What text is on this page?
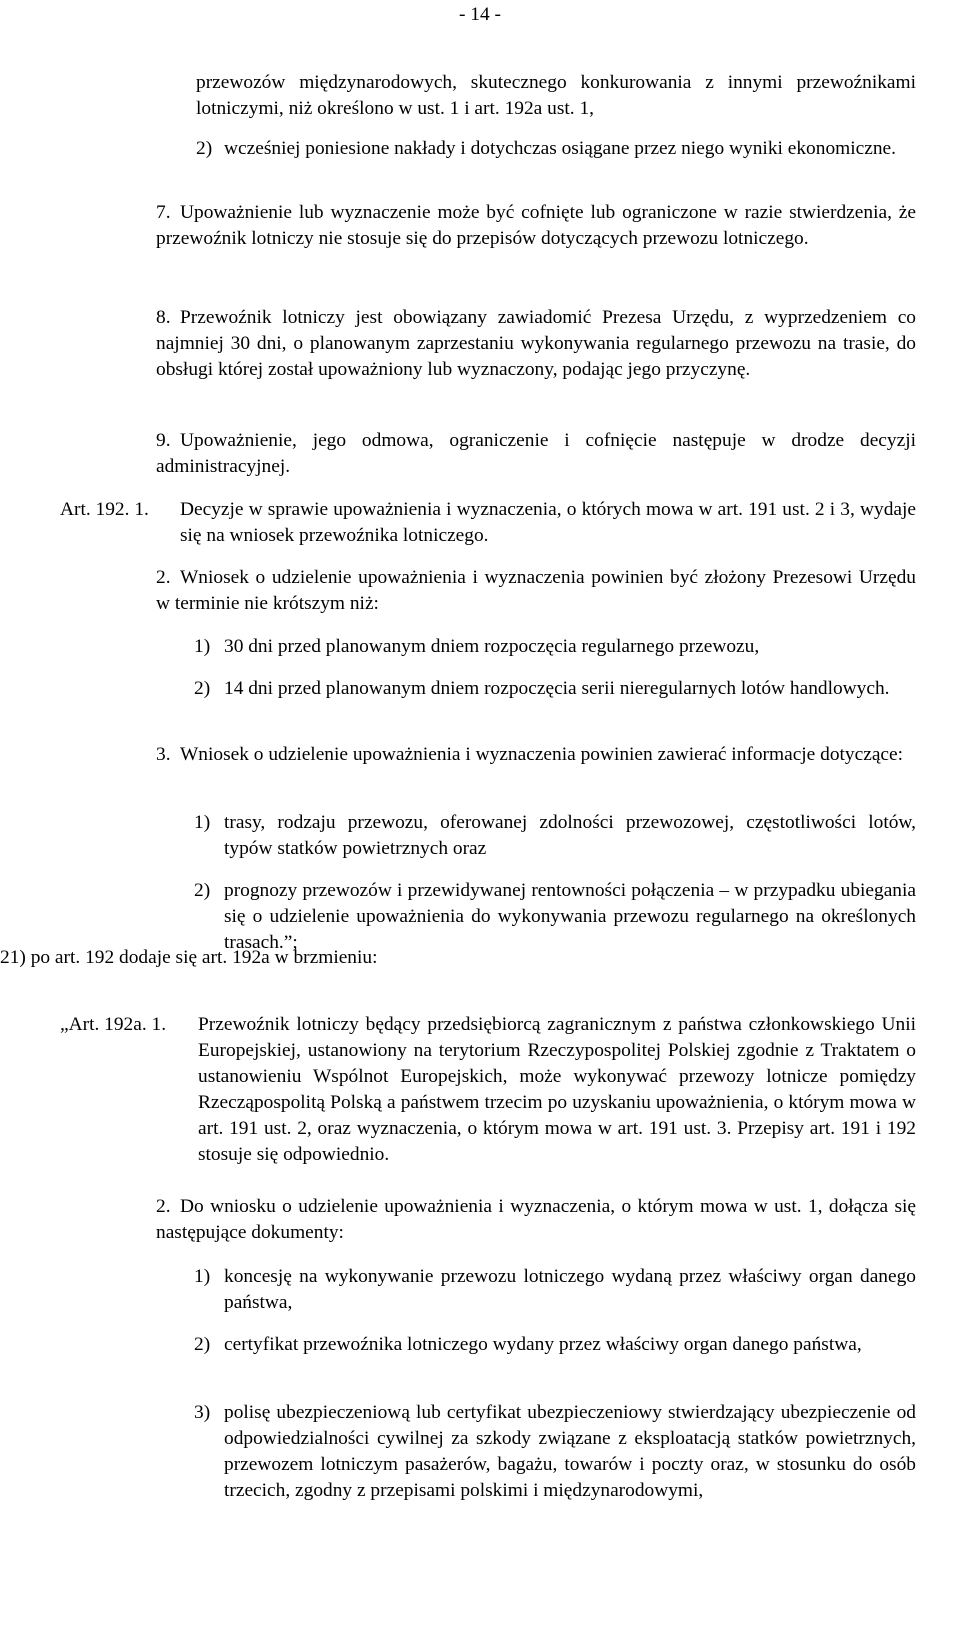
- 14 -
przewozów międzynarodowych, skutecznego konkurowania z innymi przewoźnikami lotniczymi, niż określono w ust. 1 i art. 192a ust. 1,
2) wcześniej poniesione nakłady i dotychczas osiągane przez niego wyniki ekonomiczne.
7. Upoważnienie lub wyznaczenie może być cofnięte lub ograniczone w razie stwierdzenia, że przewoźnik lotniczy nie stosuje się do przepisów dotyczących przewozu lotniczego.
8. Przewoźnik lotniczy jest obowiązany zawiadomić Prezesa Urzędu, z wyprzedzeniem co najmniej 30 dni, o planowanym zaprzestaniu wykonywania regularnego przewozu na trasie, do obsługi której został upoważniony lub wyznaczony, podając jego przyczynę.
9. Upoważnienie, jego odmowa, ograniczenie i cofnięcie następuje w drodze decyzji administracyjnej.
Art. 192. 1. Decyzje w sprawie upoważnienia i wyznaczenia, o których mowa w art. 191 ust. 2 i 3, wydaje się na wniosek przewoźnika lotniczego.
2. Wniosek o udzielenie upoważnienia i wyznaczenia powinien być złożony Prezesowi Urzędu w terminie nie krótszym niż:
1) 30 dni przed planowanym dniem rozpoczęcia regularnego przewozu,
2) 14 dni przed planowanym dniem rozpoczęcia serii nieregularnych lotów handlowych.
3. Wniosek o udzielenie upoważnienia i wyznaczenia powinien zawierać informacje dotyczące:
1) trasy, rodzaju przewozu, oferowanej zdolności przewozowej, częstotliwości lotów, typów statków powietrznych oraz
2) prognozy przewozów i przewidywanej rentowności połączenia – w przypadku ubiegania się o udzielenie upoważnienia do wykonywania przewozu regularnego na określonych trasach.”;
21) po art. 192 dodaje się art. 192a w brzmieniu:
„Art. 192a. 1. Przewoźnik lotniczy będący przedsiębiorcą zagranicznym z państwa członkowskiego Unii Europejskiej, ustanowiony na terytorium Rzeczypospolitej Polskiej zgodnie z Traktatem o ustanowieniu Wspólnot Europejskich, może wykonywać przewozy lotnicze pomiędzy Rzecząpospolitą Polską a państwem trzecim po uzyskaniu upoważnienia, o którym mowa w art. 191 ust. 2, oraz wyznaczenia, o którym mowa w art. 191 ust. 3. Przepisy art. 191 i 192 stosuje się odpowiednio.
2. Do wniosku o udzielenie upoważnienia i wyznaczenia, o którym mowa w ust. 1, dołącza się następujące dokumenty:
1) koncesję na wykonywanie przewozu lotniczego wydaną przez właściwy organ danego państwa,
2) certyfikat przewoźnika lotniczego wydany przez właściwy organ danego państwa,
3) polisę ubezpieczeniową lub certyfikat ubezpieczeniowy stwierdzający ubezpieczenie od odpowiedzialności cywilnej za szkody związane z eksploatacją statków powietrznych, przewozem lotniczym pasażerów, bagażu, towarów i poczty oraz, w stosunku do osób trzecich, zgodny z przepisami polskimi i międzynarodowymi,
